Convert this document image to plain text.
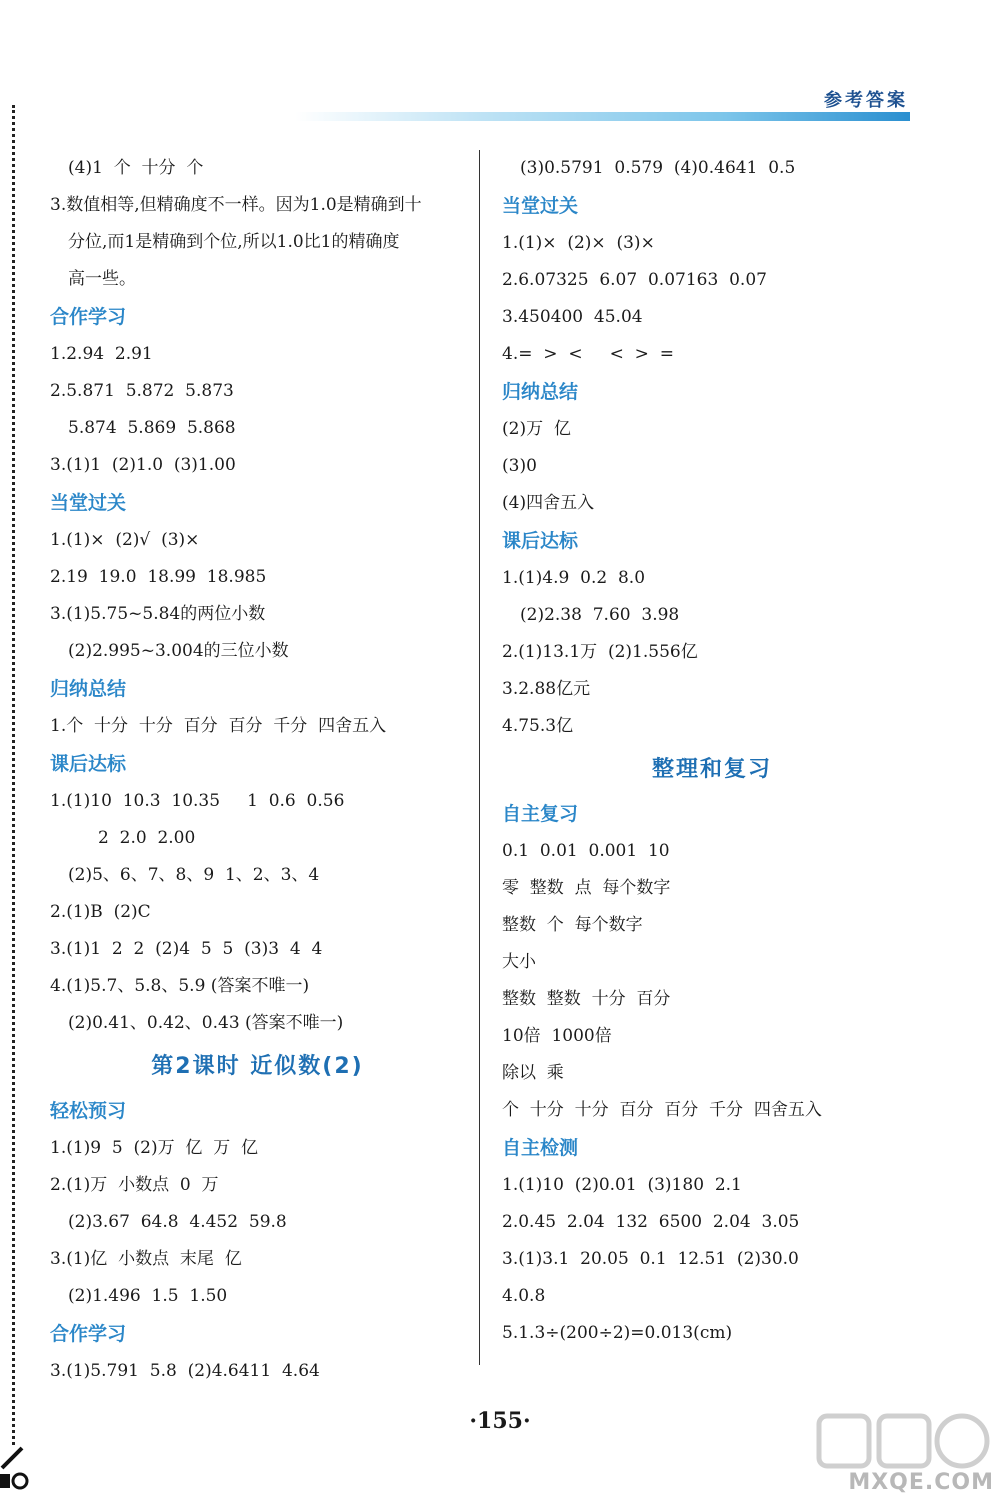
参考答案
(4)1  个  十分  个
3.数值相等,但精确度不一样。因为1.0是精确到十
分位,而1是精确到个位,所以1.0比1的精确度
高一些。
合作学习
1.2.94  2.91
2.5.871  5.872  5.873
5.874  5.869  5.868
3.(1)1  (2)1.0  (3)1.00
当堂过关
1.(1)×  (2)√  (3)×
2.19  19.0  18.99  18.985
3.(1)5.75~5.84的两位小数
(2)2.995~3.004的三位小数
归纳总结
1.个  十分  十分  百分  百分  千分  四舍五入
课后达标
1.(1)10  10.3  10.35     1  0.6  0.56
2  2.0  2.00
(2)5、6、7、8、9  1、2、3、4
2.(1)B  (2)C
3.(1)1  2  2  (2)4  5  5  (3)3  4  4
4.(1)5.7、5.8、5.9 (答案不唯一)
(2)0.41、0.42、0.43 (答案不唯一)
第2课时 近似数(2)
轻松预习
1.(1)9  5  (2)万  亿  万  亿
2.(1)万  小数点  0  万
(2)3.67  64.8  4.452  59.8
3.(1)亿  小数点  末尾  亿
(2)1.496  1.5  1.50
合作学习
3.(1)5.791  5.8  (2)4.6411  4.64
(3)0.5791  0.579  (4)0.4641  0.5
当堂过关
1.(1)×  (2)×  (3)×
2.6.07325  6.07  0.07163  0.07
3.450400  45.04
4.=  >  <     <  >  =
归纳总结
(2)万  亿
(3)0
(4)四舍五入
课后达标
1.(1)4.9  0.2  8.0
(2)2.38  7.60  3.98
2.(1)13.1万  (2)1.556亿
3.2.88亿元
4.75.3亿
整理和复习
自主复习
0.1  0.01  0.001  10
零  整数  点  每个数字
整数  个  每个数字
大小
整数  整数  十分  百分
10倍  1000倍
除以  乘
个  十分  十分  百分  百分  千分  四舍五入
自主检测
1.(1)10  (2)0.01  (3)180  2.1
2.0.45  2.04  132  6500  2.04  3.05
3.(1)3.1  20.05  0.1  12.51  (2)30.0
4.0.8
5.1.3÷(200÷2)=0.013(cm)
·155·
MXQE.COM
